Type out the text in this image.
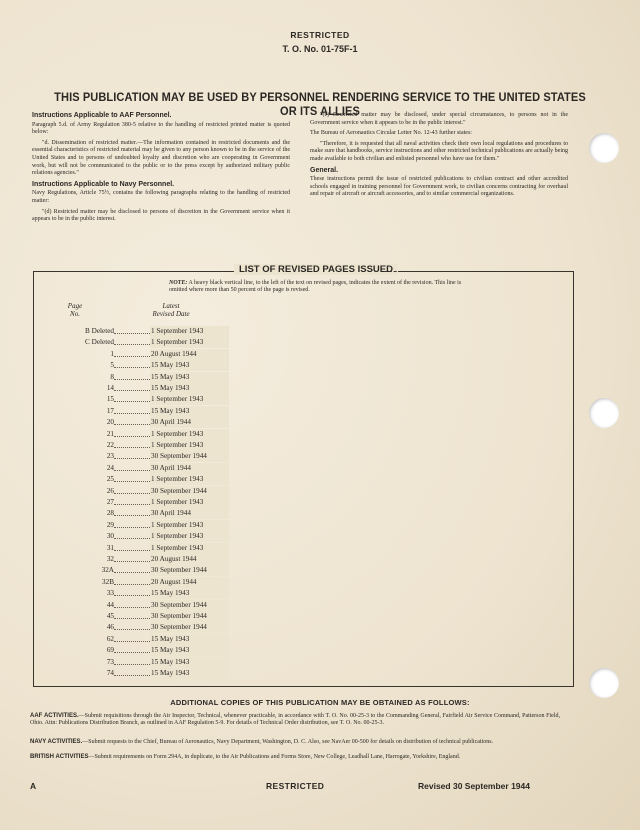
RESTRICTED
T. O. No. 01-75F-1
THIS PUBLICATION MAY BE USED BY PERSONNEL RENDERING SERVICE TO THE UNITED STATES OR ITS ALLIES
Instructions Applicable to AAF Personnel.

Paragraph 5.d. of Army Regulation 380-5 relative to the handling of restricted printed matter is quoted below:

"d. Dissemination of restricted matter.—The information contained in restricted documents and the essential characteristics of restricted material may be given to any person known to be in the service of the United States and to persons of undoubted loyalty and discretion who are cooperating in Government work, but will not be communicated to the public or to the press except by authorized military public relations agencies."

Instructions Applicable to Navy Personnel.

Navy Regulations, Article 75½, contains the following paragraphs relating to the handling of restricted matter:

"(d) Restricted matter may be disclosed to persons of discretion in the Government service when it appears to be in the public interest.

"(e) Restricted matter may be disclosed, under special circumstances, to persons not in the Government service when it appears to be in the public interest."

The Bureau of Aeronautics Circular Letter No. 12-43 further states:

"Therefore, it is requested that all naval activities check their own local regulations and procedures to make sure that handbooks, service instructions and other restricted technical publications are actually being made available to both civilian and enlisted personnel who have use for them."

General.

These instructions permit the issue of restricted publications to civilian contract and other accredited schools engaged in training personnel for Government work, to civilian concerns contracting for overhaul and repair of aircraft or aircraft accessories, and to similar commercial organizations.

LIST OF REVISED PAGES ISSUED
NOTE: A heavy black vertical line, to the left of the text on revised pages, indicates the extent of the revision. This line is omitted where more than 50 percent of the page is revised.
Page
No.
Latest
Revised Date
B Deleted	1 September 1943
C Deleted	1 September 1943
1	20 August 1944
5	15 May 1943
8	15 May 1943
14	15 May 1943
15	1 September 1943
17	15 May 1943
20	30 April 1944
21	1 September 1943
22	1 September 1943
23	30 September 1944
24	30 April 1944
25	1 September 1943
26	30 September 1944
27	1 September 1943
28	30 April 1944
29	1 September 1943
30	1 September 1943
31	1 September 1943
32	20 August 1944
32A	30 September 1944
32B	20 August 1944
33	15 May 1943
44	30 September 1944
45	30 September 1944
46	30 September 1944
62	15 May 1943
69	15 May 1943
73	15 May 1943
74	15 May 1943
ADDITIONAL COPIES OF THIS PUBLICATION MAY BE OBTAINED AS FOLLOWS:
AAF ACTIVITIES.—Submit requisitions through the Air Inspector, Technical, whenever practicable, in accordance with T. O. No. 00-25-3 to the Commanding General, Fairfield Air Service Command, Patterson Field, Ohio. Attn: Publications Distribution Branch, as outlined in AAF Regulation 5-9. For details of Technical Order distribution, see T. O. No. 00-25-3.
NAVY ACTIVITIES.—Submit requests to the Chief, Bureau of Aeronautics, Navy Department, Washington, D. C. Also, see NavAer 00-500 for details on distribution of technical publications.
BRITISH ACTIVITIES—Submit requirements on Form 294A, in duplicate, to the Air Publications and Forms Store, New College, Leadhall Lane, Harrogate, Yorkshire, England.
A	RESTRICTED	Revised 30 September 1944
